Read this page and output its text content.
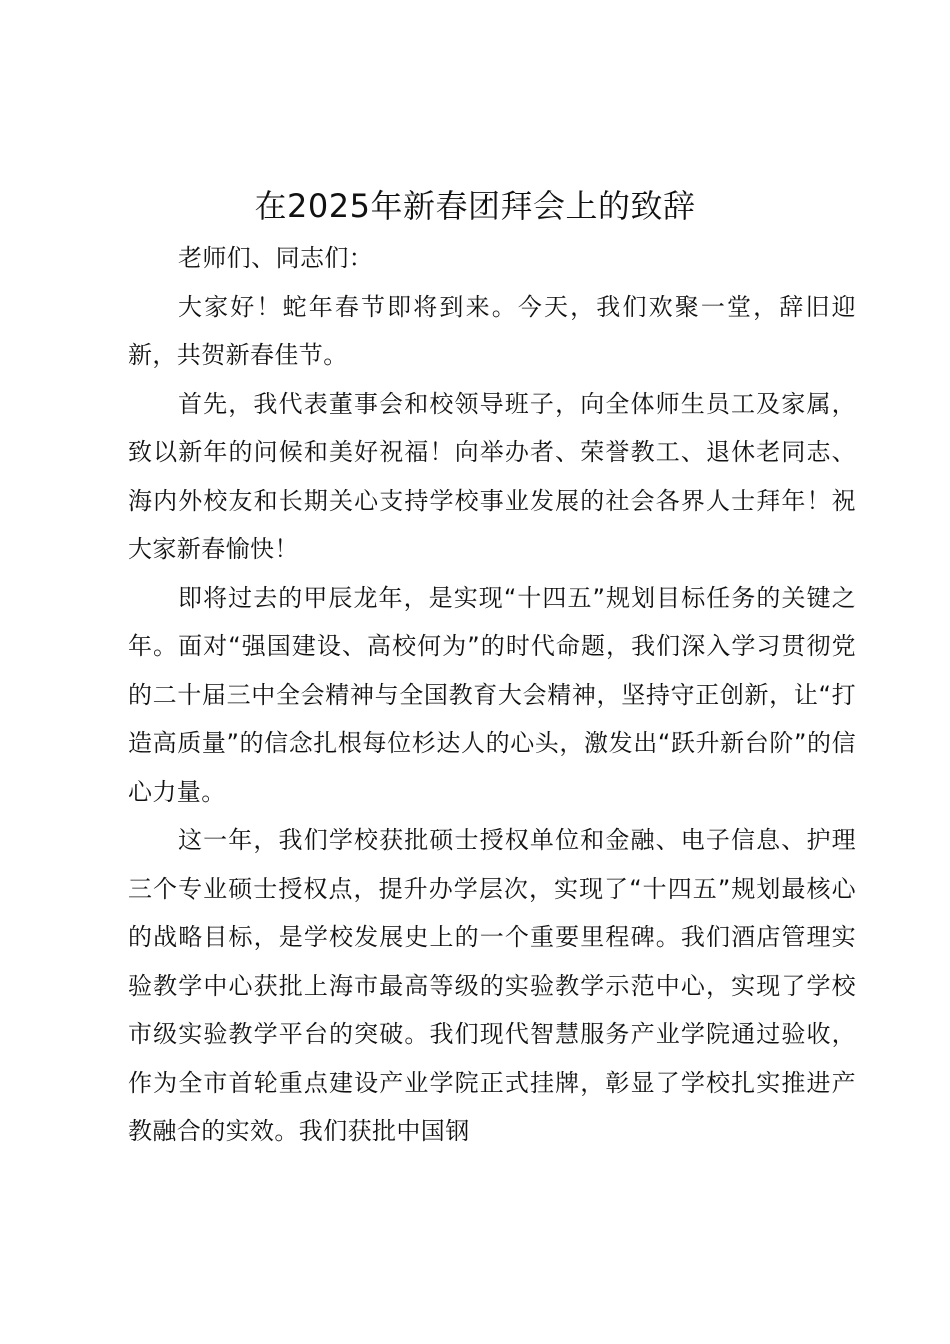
在2025年新春团拜会上的致辞

老师们、同志们：

大家好！蛇年春节即将到来。今天，我们欢聚一堂，辞旧迎新，共贺新春佳节。

首先，我代表董事会和校领导班子，向全体师生员工及家属，致以新年的问候和美好祝福！向举办者、荣誉教工、退休老同志、海内外校友和长期关心支持学校事业发展的社会各界人士拜年！祝大家新春愉快！

即将过去的甲辰龙年，是实现“十四五”规划目标任务的关键之年。面对“强国建设、高校何为”的时代命题，我们深入学习贯彻党的二十届三中全会精神与全国教育大会精神，坚持守正创新，让“打造高质量”的信念扎根每位杉达人的心头，激发出“跃升新台阶”的信心力量。

这一年，我们学校获批硕士授权单位和金融、电子信息、护理三个专业硕士授权点，提升办学层次，实现了“十四五”规划最核心的战略目标，是学校发展史上的一个重要里程碑。我们酒店管理实验教学中心获批上海市最高等级的实验教学示范中心，实现了学校市级实验教学平台的突破。我们现代智慧服务产业学院通过验收，作为全市首轮重点建设产业学院正式挂牌，彰显了学校扎实推进产教融合的实效。我们获批中国钢
